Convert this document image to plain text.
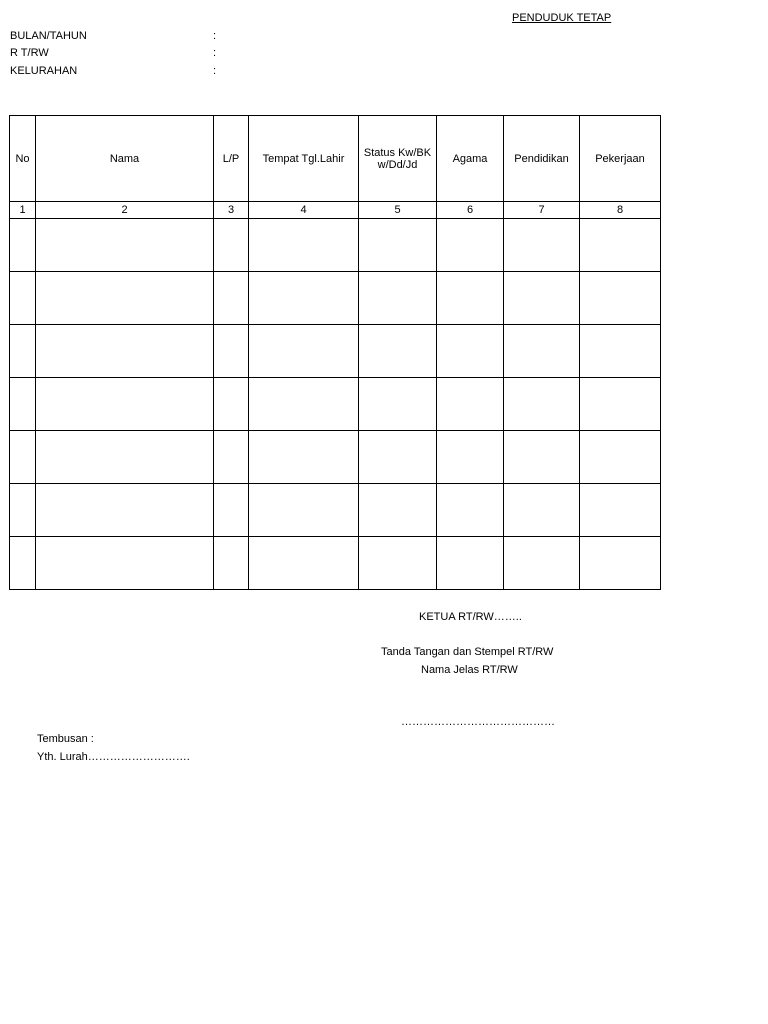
PENDUDUK TETAP
BULAN/TAHUN	:
R T/RW	:
KELURAHAN	:
No	Nama	L/P	Tempat Tgl.Lahir	Status Kw/BKw/Dd/Jd	Agama	Pendidikan	Pekerjaan
1	2	3	4	5	6	7	8

KETUA RT/RW……..
Tanda Tangan dan Stempel RT/RW
Nama Jelas RT/RW
……………………………………
Tembusan :
Yth. Lurah……………………….
